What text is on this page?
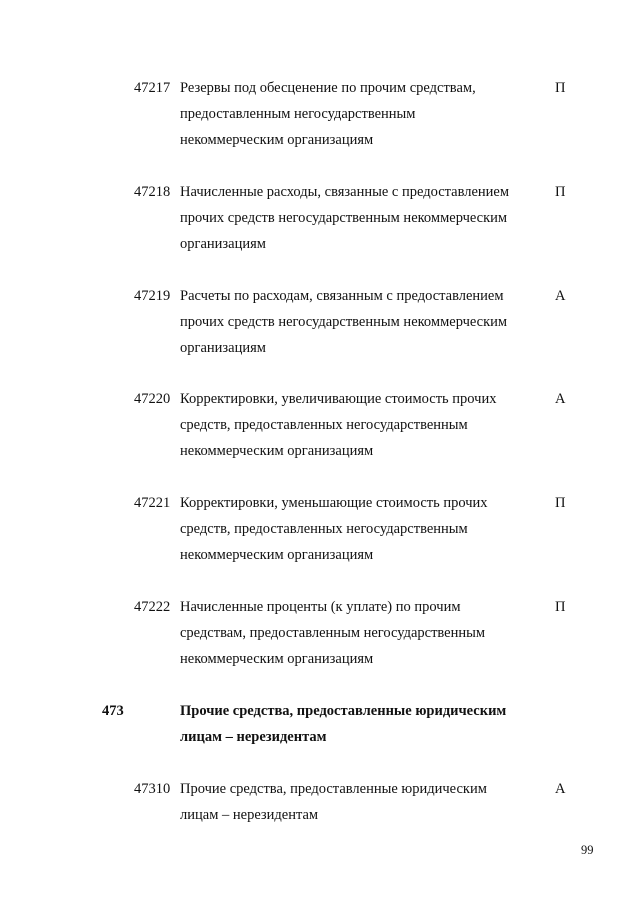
47217 Резервы под обесценение по прочим средствам,
предоставленным негосударственным
некоммерческим организациям
П
47218 Начисленные расходы, связанные с предоставлением
прочих средств негосударственным некоммерческим
организациям
П
47219 Расчеты по расходам, связанным с предоставлением
прочих средств негосударственным некоммерческим
организациям
А
47220 Корректировки, увеличивающие стоимость прочих
средств, предоставленных негосударственным
некоммерческим организациям
А
47221 Корректировки, уменьшающие стоимость прочих
средств, предоставленных негосударственным
некоммерческим организациям
П
47222 Начисленные проценты (к уплате) по прочим
средствам, предоставленным негосударственным
некоммерческим организациям
П
473	Прочие средства, предоставленные юридическим
лицам – нерезидентам
47310 Прочие средства, предоставленные юридическим
лицам – нерезидентам
А
99
